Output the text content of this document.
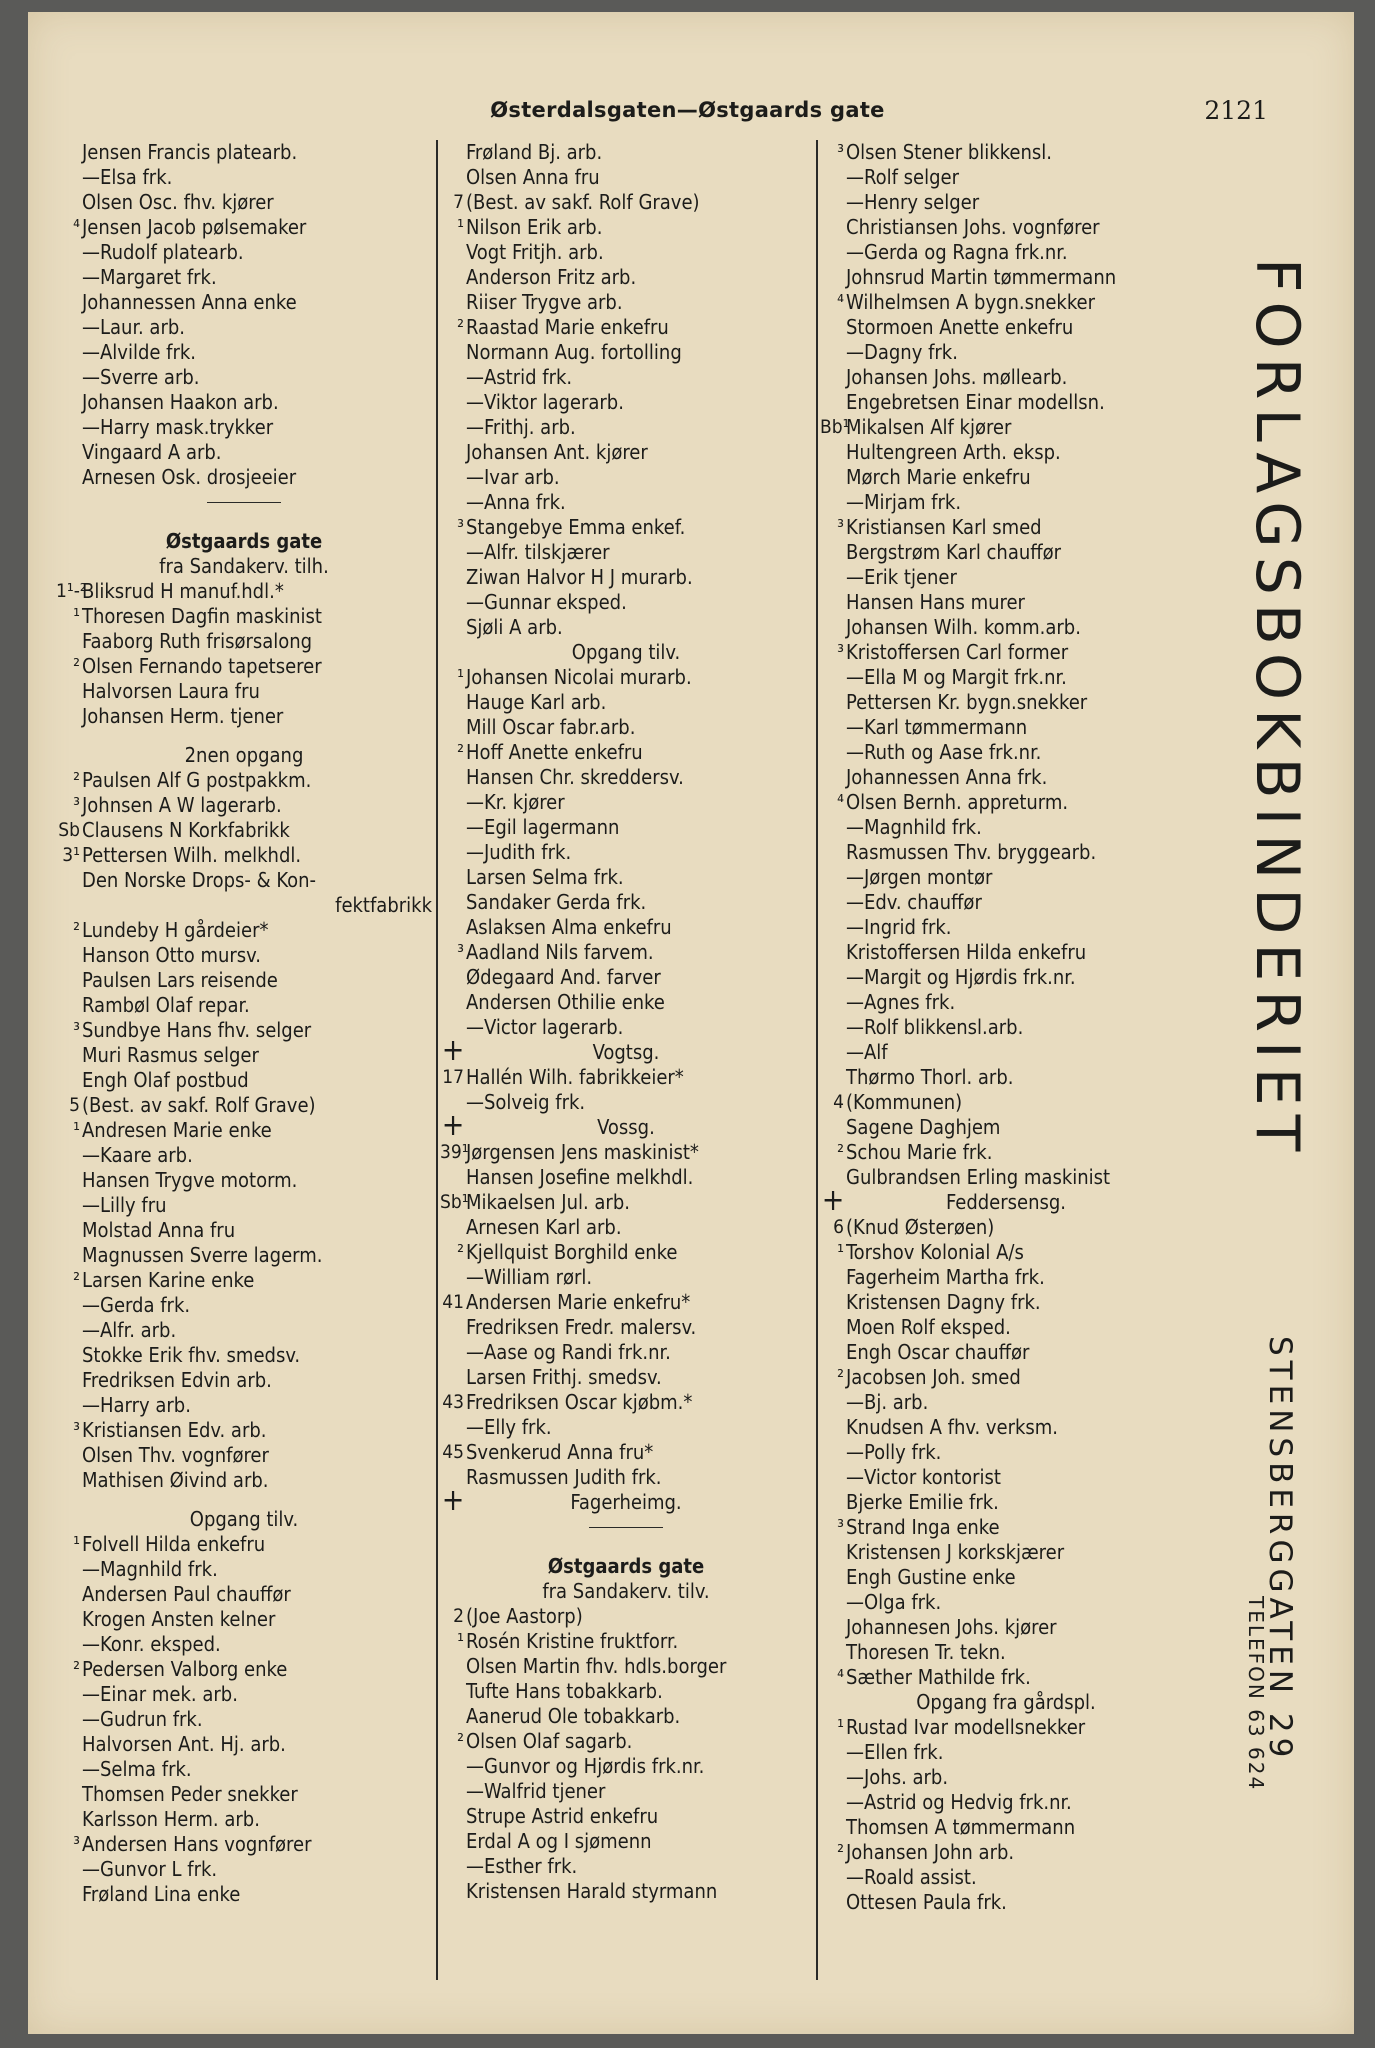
Østerdalsgaten—Østgaards gate	2121
Jensen Francis platearb.
—Elsa frk.
Olsen Osc. fhv. kjører
⁴ Jensen Jacob pølsemaker
—Rudolf platearb.
—Margaret frk.
Johannessen Anna enke
—Laur. arb.
—Alvilde frk.
—Sverre arb.
Johansen Haakon arb.
—Harry mask.trykker
Vingaard A arb.
Arnesen Osk. drosjeeier
Østgaards gate
fra Sandakerv. tilh.
1¹-²
Bliksrud H manuf.hdl.*
¹ Thoresen Dagfin maskinist
Faaborg Ruth frisørsalong
² Olsen Fernando tapetserer
Halvorsen Laura fru
Johansen Herm. tjener
2nen opgang
² Paulsen Alf G postpakkm.
³ Johnsen A W lagerarb.
Sb Clausens N Korkfabrikk
3¹ Pettersen Wilh. melkhdl.
Den Norske Drops- & Kon-
fektfabrikk
² Lundeby H gårdeier*
Hanson Otto mursv.
Paulsen Lars reisende
Rambøl Olaf repar.
³ Sundbye Hans fhv. selger
Muri Rasmus selger
Engh Olaf postbud
5 (Best. av sakf. Rolf Grave)
¹ Andresen Marie enke
—Kaare arb.
Hansen Trygve motorm.
—Lilly fru
Molstad Anna fru
Magnussen Sverre lagerm.
² Larsen Karine enke
—Gerda frk.
—Alfr. arb.
Stokke Erik fhv. smedsv.
Fredriksen Edvin arb.
—Harry arb.
³ Kristiansen Edv. arb.
Olsen Thv. vognfører
Mathisen Øivind arb.
Opgang tilv.
¹ Folvell Hilda enkefru
—Magnhild frk.
Andersen Paul chauffør
Krogen Ansten kelner
—Konr. eksped.
² Pedersen Valborg enke
—Einar mek. arb.
—Gudrun frk.
Halvorsen Ant. Hj. arb.
—Selma frk.
Thomsen Peder snekker
Karlsson Herm. arb.
³ Andersen Hans vognfører
—Gunvor L frk.
Frøland Lina enke
Frøland Bj. arb.
Olsen Anna fru
7 (Best. av sakf. Rolf Grave)
¹ Nilson Erik arb.
Vogt Fritjh. arb.
Anderson Fritz arb.
Riiser Trygve arb.
² Raastad Marie enkefru
Normann Aug. fortolling
—Astrid frk.
—Viktor lagerarb.
—Frithj. arb.
Johansen Ant. kjører
—Ivar arb.
—Anna frk.
³ Stangebye Emma enkef.
—Alfr. tilskjærer
Ziwan Halvor H J murarb.
—Gunnar eksped.
Sjøli A arb.
Opgang tilv.
¹ Johansen Nicolai murarb.
Hauge Karl arb.
Mill Oscar fabr.arb.
² Hoff Anette enkefru
Hansen Chr. skreddersv.
—Kr. kjører
—Egil lagermann
—Judith frk.
Larsen Selma frk.
Sandaker Gerda frk.
Aslaksen Alma enkefru
³ Aadland Nils farvem.
Ødegaard And. farver
Andersen Othilie enke
—Victor lagerarb.
+	Vogtsg.
17 Hallén Wilh. fabrikkeier*
—Solveig frk.
+	Vossg.
39¹
Jørgensen Jens maskinist*
Hansen Josefine melkhdl.
Sb¹
Mikaelsen Jul. arb.
Arnesen Karl arb.
² Kjellquist Borghild enke
—William rørl.
41 Andersen Marie enkefru*
Fredriksen Fredr. malersv.
—Aase og Randi frk.nr.
Larsen Frithj. smedsv.
43 Fredriksen Oscar kjøbm.*
—Elly frk.
45 Svenkerud Anna fru*
Rasmussen Judith frk.
+	Fagerheimg.
Østgaards gate
fra Sandakerv. tilv.
2 (Joe Aastorp)
¹ Rosén Kristine fruktforr.
Olsen Martin fhv. hdls.borger
Tufte Hans tobakkarb.
Aanerud Ole tobakkarb.
² Olsen Olaf sagarb.
—Gunvor og Hjørdis frk.nr.
—Walfrid tjener
Strupe Astrid enkefru
Erdal A og I sjømenn
—Esther frk.
Kristensen Harald styrmann
³ Olsen Stener blikkensl.
—Rolf selger
—Henry selger
Christiansen Johs. vognfører
—Gerda og Ragna frk.nr.
Johnsrud Martin tømmermann
⁴ Wilhelmsen A bygn.snekker
Stormoen Anette enkefru
—Dagny frk.
Johansen Johs. møllearb.
Engebretsen Einar modellsn.
Bb¹
Mikalsen Alf kjører
Hultengreen Arth. eksp.
Mørch Marie enkefru
—Mirjam frk.
³ Kristiansen Karl smed
Bergstrøm Karl chauffør
—Erik tjener
Hansen Hans murer
Johansen Wilh. komm.arb.
³ Kristoffersen Carl former
—Ella M og Margit frk.nr.
Pettersen Kr. bygn.snekker
—Karl tømmermann
—Ruth og Aase frk.nr.
Johannessen Anna frk.
⁴ Olsen Bernh. appreturm.
—Magnhild frk.
Rasmussen Thv. bryggearb.
—Jørgen montør
—Edv. chauffør
—Ingrid frk.
Kristoffersen Hilda enkefru
—Margit og Hjørdis frk.nr.
—Agnes frk.
—Rolf blikkensl.arb.
—Alf
Thørmo Thorl. arb.
4 (Kommunen)
Sagene Daghjem
² Schou Marie frk.
Gulbrandsen Erling maskinist
+	Feddersensg.
6 (Knud Østerøen)
¹ Torshov Kolonial A/s
Fagerheim Martha frk.
Kristensen Dagny frk.
Moen Rolf eksped.
Engh Oscar chauffør
² Jacobsen Joh. smed
—Bj. arb.
Knudsen A fhv. verksm.
—Polly frk.
—Victor kontorist
Bjerke Emilie frk.
³ Strand Inga enke
Kristensen J korkskjærer
Engh Gustine enke
—Olga frk.
Johannesen Johs. kjører
Thoresen Tr. tekn.
⁴ Sæther Mathilde frk.
Opgang fra gårdspl.
¹ Rustad Ivar modellsnekker
—Ellen frk.
—Johs. arb.
—Astrid og Hedvig frk.nr.
Thomsen A tømmermann
² Johansen John arb.
—Roald assist.
Ottesen Paula frk.
FORLAGSBOKBINDERIET
STENSBERGGATEN 29
TELEFON 63 624
